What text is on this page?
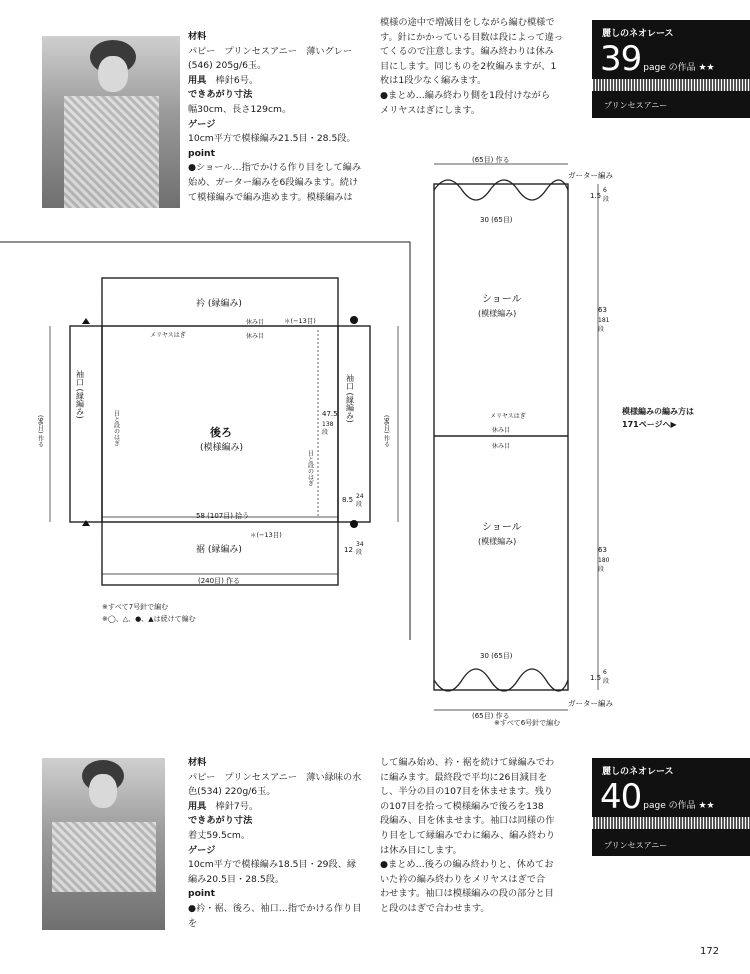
材料

パピー　プリンセスアニー　薄いグレー

(546) 205g/6玉。

用具　棒針6号。

できあがり寸法

幅30cm、長さ129cm。

ゲージ

10cm平方で模様編み21.5目・28.5段。

point

●ショール…指でかける作り目をして編み

始め、ガーター編みを6段編みます。続け

て模様編みで編み進めます。模様編みは

模様の途中で増減目をしながら編む模様で

す。針にかかっている目数は段によって違っ

てくるので注意します。編み終わりは休み

目にします。同じものを2枚編みますが、1

枚は1段少なく編みます。

●まとめ…編み終わり側を1段付けながら

メリヤスはぎにします。

麗しのネオレース
39 page の作品 ★★
プリンセスアニー
衿 (縁編み)
後ろ
(模様編み)
裾 (縁編み)
メリヤスはぎ
休み目
休み目
＊(−13目)
58 (107目) 拾う
＊(−13目)
(240目) 作る
47.5
138
段
8.5 24
段
12
34
段
袖口 (縁編み)	袖口 (縁編み)
(96目) 作る	(96目) 作る
目と段のはぎ
目と段のはぎ
※すべて7号針で編む
※◯、△、●、▲は続けて編む
(65目) 作る
ガーター編み
30 (65目)
ショール
(模様編み)
メリヤスはぎ
休み目
休み目
ショール
(模様編み)
30 (65目)
ガーター編み
(65目) 作る
1.5
6
段
63
181
段
63
180
段
1.5
6
段
模様編みの編み方は
171ページへ▶
※すべて6号針で編む

材料

パピー　プリンセスアニー　薄い緑味の水

色(534) 220g/6玉。

用具　棒針7号。

できあがり寸法

着丈59.5cm。

ゲージ

10cm平方で模様編み18.5目・29段、縁

編み20.5目・28.5段。

point

●衿・裾、後ろ、袖口…指でかける作り目を

して編み始め、衿・裾を続けて縁編みでわ

に編みます。最終段で平均に26目減目を

し、半分の目の107目を休ませます。残り

の107目を拾って模様編みで後ろを138

段編み、目を休ませます。袖口は同様の作

り目をして縁編みでわに編み、編み終わり

は休み目にします。

●まとめ…後ろの編み終わりと、休めてお

いた衿の編み終わりをメリヤスはぎで合

わせます。袖口は模様編みの段の部分と目

と段のはぎで合わせます。

麗しのネオレース
40 page の作品 ★★
プリンセスアニー
172
